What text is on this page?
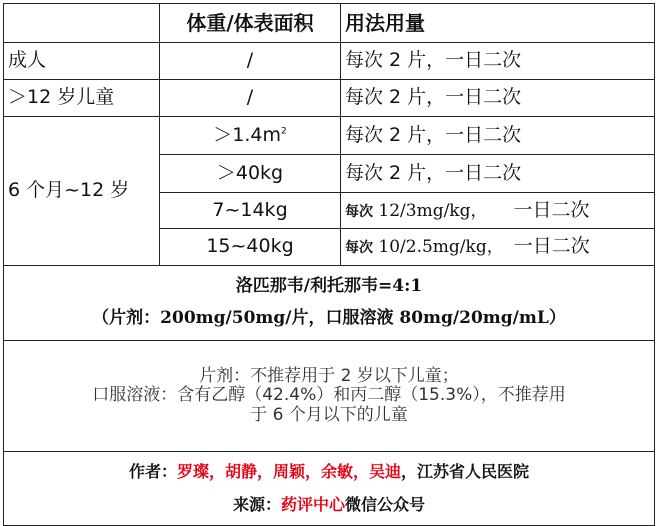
	体重/体表面积	用法用量
成人	/	每次 2 片，一日二次
＞12 岁儿童	/	每次 2 片，一日二次
6 个月~12 岁	$>1.4m^2$	每次 2 片，一日二次
	＞40kg	每次 2 片，一日二次
	7~14kg	每次 12/3mg/kg， 一日二次
	15~40kg	每次 10/2.5mg/kg， 一日二次

洛匹那韦/利托那韦=4:1
（片剂：200mg/50mg/片，口服溶液 80mg/20mg/mL）		

片剂：不推荐用于 2 岁以下儿童；
口服溶液：含有乙醇（42.4%）和丙二醇（15.3%），不推荐用
于 6 个月以下的儿童		

作者：罗璨，胡静，周颖，余敏，吴迪，江苏省人民医院
来源：药评中心微信公众号		
